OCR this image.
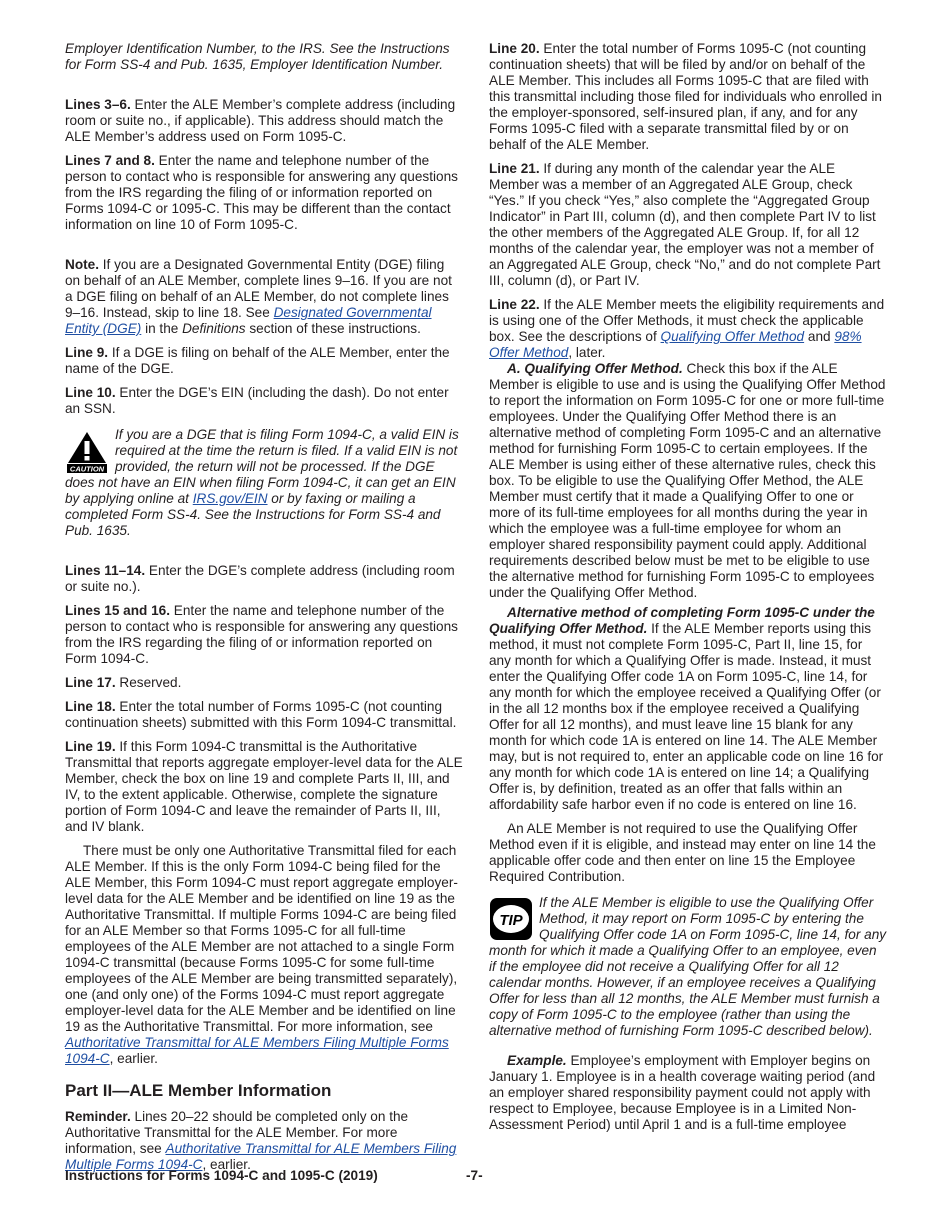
Employer Identification Number, to the IRS. See the Instructions for Form SS-4 and Pub. 1635, Employer Identification Number.

Lines 3–6. Enter the ALE Member’s complete address (including room or suite no., if applicable). This address should match the ALE Member’s address used on Form 1095-C.

Lines 7 and 8. Enter the name and telephone number of the person to contact who is responsible for answering any questions from the IRS regarding the filing of or information reported on Forms 1094-C or 1095-C. This may be different than the contact information on line 10 of Form 1095-C.

Note. If you are a Designated Governmental Entity (DGE) filing on behalf of an ALE Member, complete lines 9–16. If you are not a DGE filing on behalf of an ALE Member, do not complete lines 9–16. Instead, skip to line 18. See Designated Governmental Entity (DGE) in the Definitions section of these instructions.

Line 9. If a DGE is filing on behalf of the ALE Member, enter the name of the DGE.

Line 10. Enter the DGE’s EIN (including the dash). Do not enter an SSN.

CAUTION
If you are a DGE that is filing Form 1094-C, a valid EIN is required at the time the return is filed. If a valid EIN is not provided, the return will not be processed. If the DGE does not have an EIN when filing Form 1094-C, it can get an EIN by applying online at IRS.gov/EIN or by faxing or mailing a completed Form SS-4. See the Instructions for Form SS-4 and Pub. 1635.

Lines 11–14. Enter the DGE’s complete address (including room or suite no.).

Lines 15 and 16. Enter the name and telephone number of the person to contact who is responsible for answering any questions from the IRS regarding the filing of or information reported on Form 1094-C.

Line 17. Reserved.

Line 18. Enter the total number of Forms 1095-C (not counting continuation sheets) submitted with this Form 1094-C transmittal.

Line 19. If this Form 1094-C transmittal is the Authoritative Transmittal that reports aggregate employer-level data for the ALE Member, check the box on line 19 and complete Parts II, III, and IV, to the extent applicable. Otherwise, complete the signature portion of Form 1094-C and leave the remainder of Parts II, III, and IV blank.

There must be only one Authoritative Transmittal filed for each ALE Member. If this is the only Form 1094-C being filed for the ALE Member, this Form 1094-C must report aggregate employer-level data for the ALE Member and be identified on line 19 as the Authoritative Transmittal. If multiple Forms 1094-C are being filed for an ALE Member so that Forms 1095-C for all full-time employees of the ALE Member are not attached to a single Form 1094-C transmittal (because Forms 1095-C for some full-time employees of the ALE Member are being transmitted separately), one (and only one) of the Forms 1094-C must report aggregate employer-level data for the ALE Member and be identified on line 19 as the Authoritative Transmittal. For more information, see Authoritative Transmittal for ALE Members Filing Multiple Forms 1094-C, earlier.

Part II—ALE Member Information

Reminder. Lines 20–22 should be completed only on the Authoritative Transmittal for the ALE Member. For more information, see Authoritative Transmittal for ALE Members Filing Multiple Forms 1094-C, earlier.

Line 20. Enter the total number of Forms 1095-C (not counting continuation sheets) that will be filed by and/or on behalf of the ALE Member. This includes all Forms 1095-C that are filed with this transmittal including those filed for individuals who enrolled in the employer-sponsored, self-insured plan, if any, and for any Forms 1095-C filed with a separate transmittal filed by or on behalf of the ALE Member.

Line 21. If during any month of the calendar year the ALE Member was a member of an Aggregated ALE Group, check “Yes.” If you check “Yes,” also complete the “Aggregated Group Indicator” in Part III, column (d), and then complete Part IV to list the other members of the Aggregated ALE Group. If, for all 12 months of the calendar year, the employer was not a member of an Aggregated ALE Group, check “No,” and do not complete Part III, column (d), or Part IV.

Line 22. If the ALE Member meets the eligibility requirements and is using one of the Offer Methods, it must check the applicable box. See the descriptions of Qualifying Offer Method and 98% Offer Method, later.

A. Qualifying Offer Method. Check this box if the ALE Member is eligible to use and is using the Qualifying Offer Method to report the information on Form 1095-C for one or more full-time employees. Under the Qualifying Offer Method there is an alternative method of completing Form 1095-C and an alternative method for furnishing Form 1095-C to certain employees. If the ALE Member is using either of these alternative rules, check this box. To be eligible to use the Qualifying Offer Method, the ALE Member must certify that it made a Qualifying Offer to one or more of its full-time employees for all months during the year in which the employee was a full-time employee for whom an employer shared responsibility payment could apply. Additional requirements described below must be met to be eligible to use the alternative method for furnishing Form 1095-C to employees under the Qualifying Offer Method.

Alternative method of completing Form 1095-C under the Qualifying Offer Method. If the ALE Member reports using this method, it must not complete Form 1095-C, Part II, line 15, for any month for which a Qualifying Offer is made. Instead, it must enter the Qualifying Offer code 1A on Form 1095-C, line 14, for any month for which the employee received a Qualifying Offer (or in the all 12 months box if the employee received a Qualifying Offer for all 12 months), and must leave line 15 blank for any month for which code 1A is entered on line 14. The ALE Member may, but is not required to, enter an applicable code on line 16 for any month for which code 1A is entered on line 14; a Qualifying Offer is, by definition, treated as an offer that falls within an affordability safe harbor even if no code is entered on line 16.

An ALE Member is not required to use the Qualifying Offer Method even if it is eligible, and instead may enter on line 14 the applicable offer code and then enter on line 15 the Employee Required Contribution.

TIP
If the ALE Member is eligible to use the Qualifying Offer Method, it may report on Form 1095-C by entering the Qualifying Offer code 1A on Form 1095-C, line 14, for any month for which it made a Qualifying Offer to an employee, even if the employee did not receive a Qualifying Offer for all 12 calendar months. However, if an employee receives a Qualifying Offer for less than all 12 months, the ALE Member must furnish a copy of Form 1095-C to the employee (rather than using the alternative method of furnishing Form 1095-C described below).

Example. Employee’s employment with Employer begins on January 1. Employee is in a health coverage waiting period (and an employer shared responsibility payment could not apply with respect to Employee, because Employee is in a Limited Non-Assessment Period) until April 1 and is a full-time employee

Instructions for Forms 1094-C and 1095-C (2019)	-7-
